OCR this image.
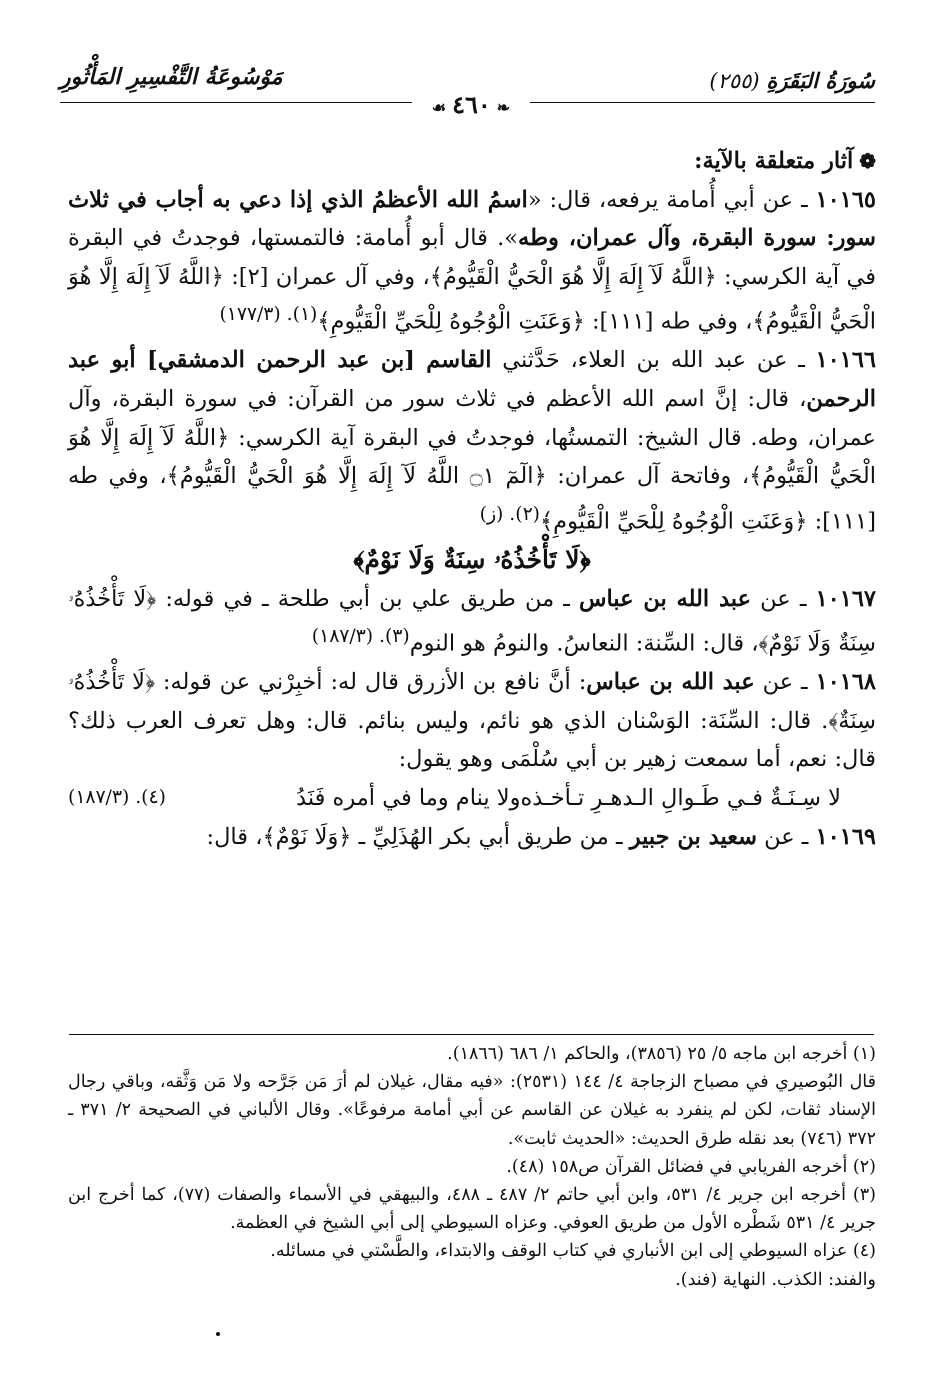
سُورَةُ البَقَرَةِ (٢٥٥)
مَوْسُوعَةُ التَّفْسِيرِ المَأْثُورِ
❧٤٦٠☙

❁آثار متعلقة بالآية:

١٠١٦٥ ـ عن أبي أُمامة يرفعه، قال: «اسمُ الله الأعظمُ الذي إذا دعي به أجاب في ثلاث سور: سورة البقرة، وآل عمران، وطه». قال أبو أُمامة: فالتمستها، فوجدتُ في البقرة في آية الكرسي: ﴿اللَّهُ لَآ إِلَهَ إِلَّا هُوَ الْحَيُّ الْقَيُّومُ﴾، وفي آل عمران [٢]: ﴿اللَّهُ لَآ إِلَهَ إِلَّا هُوَ الْحَيُّ الْقَيُّومُ﴾، وفي طه [١١١]: ﴿وَعَنَتِ الْوُجُوهُ لِلْحَيِّ الْقَيُّومِ﴾$^{(١). (١٧٧/٣)}$

١٠١٦٦ ـ عن عبد الله بن العلاء، حَدَّثني القاسم [بن عبد الرحمن الدمشقي] أبو عبد الرحمن، قال: إنَّ اسم الله الأعظم في ثلاث سور من القرآن: في سورة البقرة، وآل عمران، وطه. قال الشيخ: التمستُها، فوجدتُ في البقرة آية الكرسي: ﴿اللَّهُ لَآ إِلَهَ إِلَّا هُوَ الْحَيُّ الْقَيُّومُ﴾، وفاتحة آل عمران: ﴿الٓمٓ ۝١ اللَّهُ لَآ إِلَهَ إِلَّا هُوَ الْحَيُّ الْقَيُّومُ﴾، وفي طه [١١١]: ﴿وَعَنَتِ الْوُجُوهُ لِلْحَيِّ الْقَيُّومِ﴾$^{(٢). (ز)}$

﴿لَا تَأْخُذُهُۥ سِنَةٌ وَلَا نَوْمٌ﴾

١٠١٦٧ ـ عن عبد الله بن عباس ـ من طريق علي بن أبي طلحة ـ في قوله: ﴿لَا تَأْخُذُهُۥ سِنَةٌ وَلَا نَوْمٌ﴾، قال: السِّنة: النعاسُ. والنومُ هو النوم$^{(٣). (١٨٧/٣)}$

١٠١٦٨ ـ عن عبد الله بن عباس: أنَّ نافع بن الأزرق قال له: أخبِرْني عن قوله: ﴿لَا تَأْخُذُهُۥ سِنَةٌ﴾. قال: السِّنَة: الوَسْنان الذي هو نائم، وليس بنائم. قال: وهل تعرف العرب ذلك؟ قال: نعم، أما سمعت زهير بن أبي سُلْمَى وهو يقول:

لا سِـنَـةٌ فـي طَـوالِ الـدهـرِ تـأخـذه
ولا ينام وما في أمره فَنَدُ
(٤). (١٨٧/٣)

١٠١٦٩ ـ عن سعيد بن جبير ـ من طريق أبي بكر الهُذَلِيِّ ـ ﴿وَلَا نَوْمٌ﴾، قال:

(١) أخرجه ابن ماجه ٥/ ٢٥ (٣٨٥٦)، والحاكم ١/ ٦٨٦ (١٨٦٦).

قال البُوصيري في مصباح الزجاجة ٤/ ١٤٤ (٢٥٣١): «فيه مقال، غيلان لم أرَ مَن جَرَّحه ولا مَن وَثَّقه، وباقي رجال الإسناد ثقات، لكن لم ينفرد به غيلان عن القاسم عن أبي أمامة مرفوعًا». وقال الألباني في الصحيحة ٢/ ٣٧١ ـ ٣٧٢ (٧٤٦) بعد نقله طرق الحديث: «الحديث ثابت».

(٢) أخرجه الفريابي في فضائل القرآن ص١٥٨ (٤٨).

(٣) أخرجه ابن جرير ٤/ ٥٣١، وابن أبي حاتم ٢/ ٤٨٧ ـ ٤٨٨، والبيهقي في الأسماء والصفات (٧٧)، كما أخرج ابن جرير ٤/ ٥٣١ شَطْره الأول من طريق العوفي. وعزاه السيوطي إلى أبي الشيخ في العظمة.

(٤) عزاه السيوطي إلى ابن الأنباري في كتاب الوقف والابتداء، والطَّسْتي في مسائله.

والفند: الكذب. النهاية (فند).
